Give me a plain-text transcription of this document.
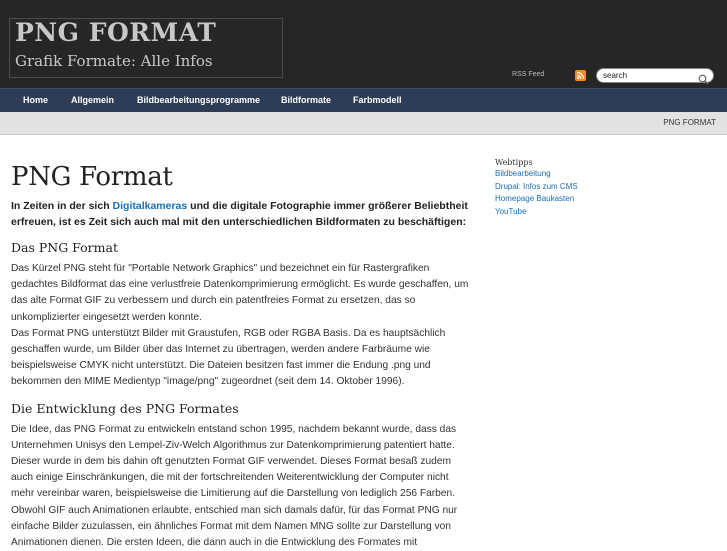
PNG FORMAT
Grafik Formate: Alle Infos
RSS Feed
search
Home	Allgemein	Bildbearbeitungsprogramme Bildformate Farbmodell
PNG FORMAT
PNG Format
In Zeiten in der sich Digitalkameras und die digitale Fotographie immer größerer Beliebtheit erfreuen, ist es Zeit sich auch mal mit den unterschiedlichen Bildformaten zu beschäftigen:
Das PNG Format

Das Kürzel PNG steht für "Portable Network Graphics" und bezeichnet ein für Rastergrafiken gedachtes Bildformat das eine verlustfreie Datenkomprimierung ermöglicht. Es wurde geschaffen, um das alte Format GIF zu verbessern und durch ein patentfreies Format zu ersetzen, das so unkomplizierter eingesetzt werden konnte.

Das Format PNG unterstützt Bilder mit Graustufen, RGB oder RGBA Basis. Da es hauptsächlich geschaffen wurde, um Bilder über das Internet zu übertragen, werden andere Farbräume wie beispielsweise CMYK nicht unterstützt. Die Dateien besitzen fast immer die Endung .png und bekommen den MIME Medientyp "image/png" zugeordnet (seit dem 14. Oktober 1996).

Die Entwicklung des PNG Formates

Die Idee, das PNG Format zu entwickeln entstand schon 1995, nachdem bekannt wurde, dass das Unternehmen Unisys den Lempel-Ziv-Welch Algorithmus zur Datenkomprimierung patentiert hatte. Dieser wurde in dem bis dahin oft genutzten Format GIF verwendet. Dieses Format besaß zudem auch einige Einschränkungen, die mit der fortschreitenden Weiterentwicklung der Computer nicht mehr vereinbar waren, beispielsweise die Limitierung auf die Darstellung von lediglich 256 Farben. Obwohl GIF auch Animationen erlaubte, entschied man sich damals dafür, für das Format PNG nur einfache Bilder zuzulassen, ein ähnliches Format mit dem Namen MNG sollte zur Darstellung von Animationen dienen. Die ersten Ideen, die dann auch in die Entwicklung des Formates mit

Webtipps
Bildbearbeitung
Drupal: Infos zum CMS
Homepage Baukasten
YouTube
